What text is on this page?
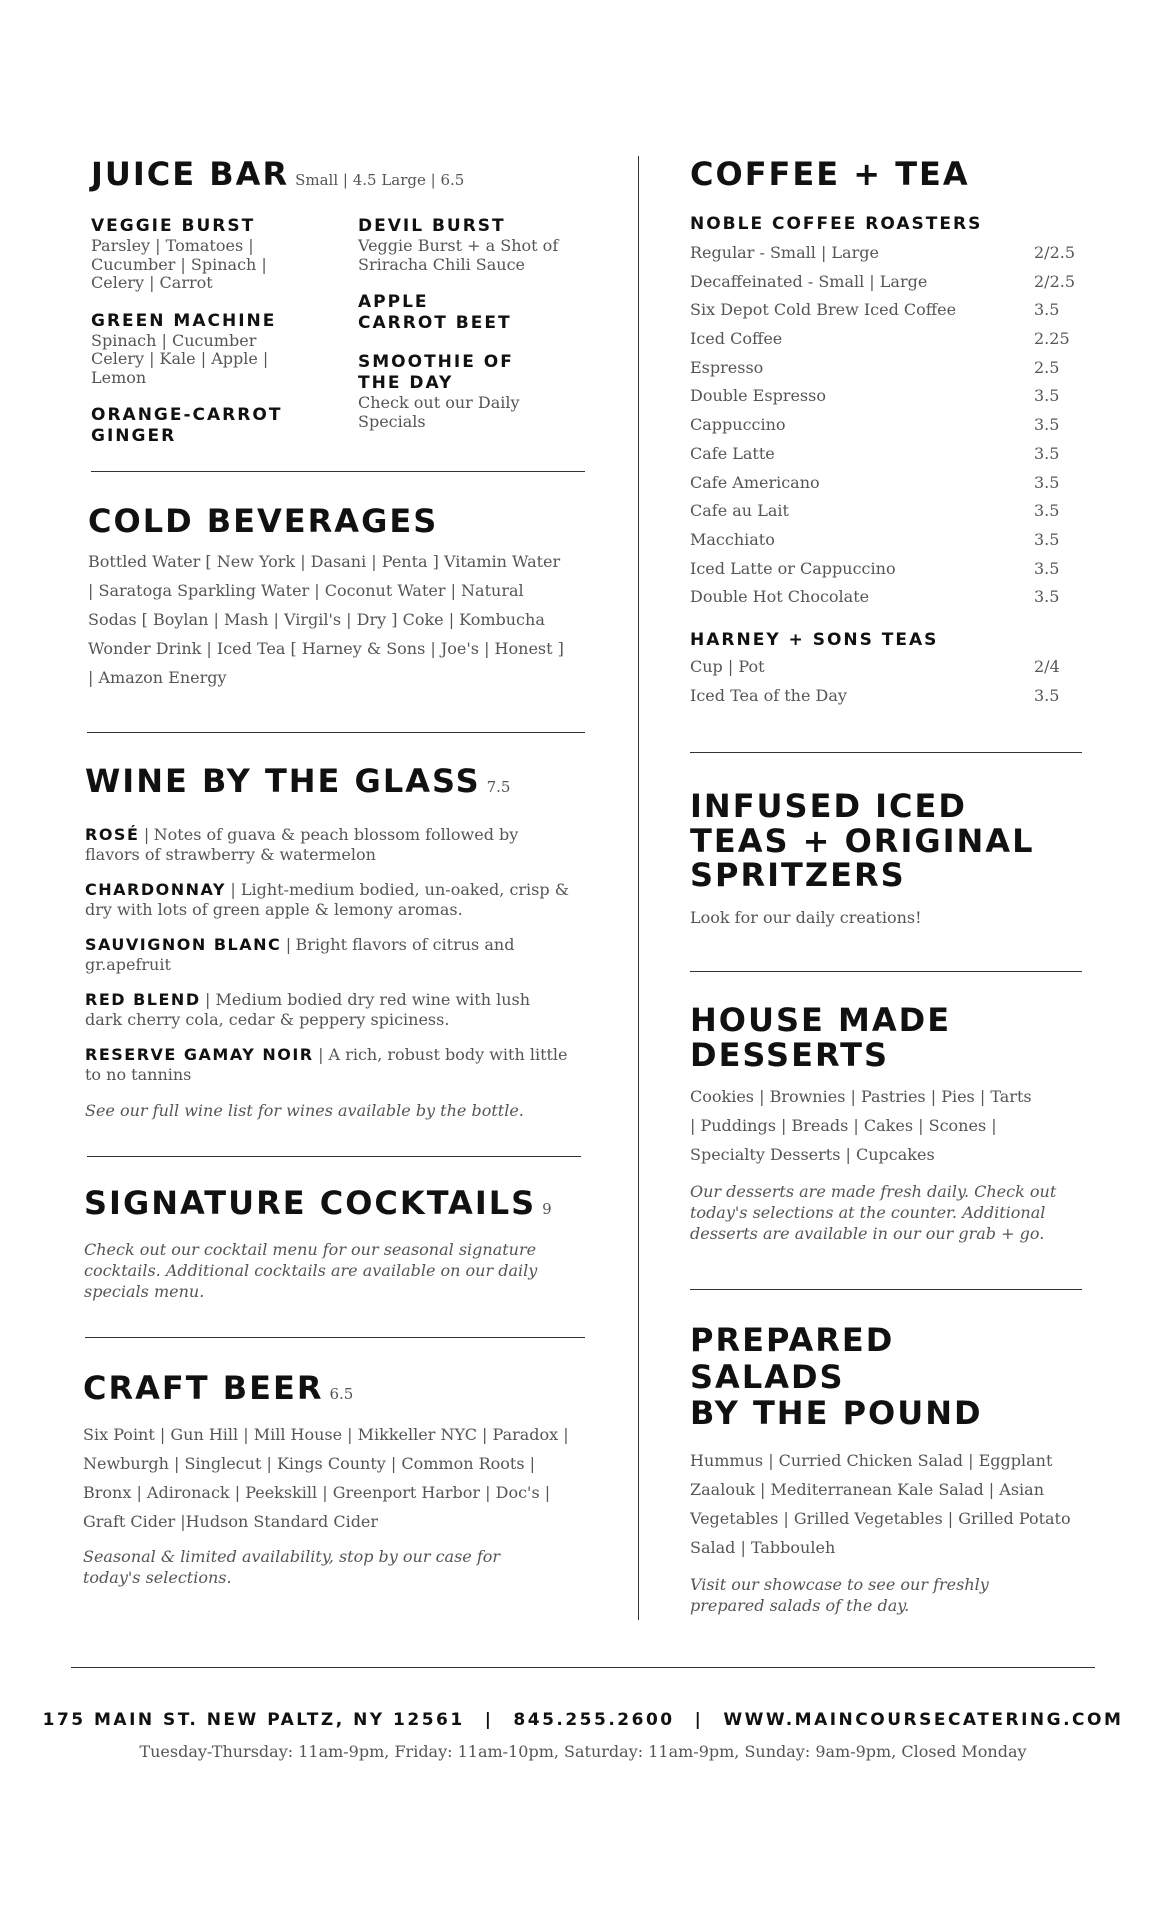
JUICE BAR Small | 4.5 Large | 6.5
VEGGIE BURST
Parsley | Tomatoes | Cucumber | Spinach | Celery | Carrot
GREEN MACHINE
Spinach | Cucumber Celery | Kale | Apple | Lemon
ORANGE-CARROT GINGER
DEVIL BURST
Veggie Burst + a Shot of Sriracha Chili Sauce
APPLE CARROT BEET
SMOOTHIE OF THE DAY
Check out our Daily Specials
COLD BEVERAGES
Bottled Water [ New York | Dasani | Penta ] Vitamin Water | Saratoga Sparkling Water | Coconut Water | Natural Sodas [ Boylan | Mash | Virgil's | Dry ] Coke | Kombucha Wonder Drink | Iced Tea [ Harney & Sons | Joe's | Honest ] | Amazon Energy
WINE BY THE GLASS 7.5

ROSÉ | Notes of guava & peach blossom followed by flavors of strawberry & watermelon

CHARDONNAY | Light-medium bodied, un-oaked, crisp & dry with lots of green apple & lemony aromas.

SAUVIGNON BLANC | Bright flavors of citrus and gr.apefruit

RED BLEND | Medium bodied dry red wine with lush dark cherry cola, cedar & peppery spiciness.

RESERVE GAMAY NOIR | A rich, robust body with little to no tannins

See our full wine list for wines available by the bottle.
SIGNATURE COCKTAILS 9
Check out our cocktail menu for our seasonal signature cocktails. Additional cocktails are available on our daily specials menu.
CRAFT BEER 6.5
Six Point | Gun Hill | Mill House | Mikkeller NYC | Paradox | Newburgh | Singlecut | Kings County | Common Roots | Bronx | Adironack | Peekskill | Greenport Harbor | Doc's | Graft Cider |Hudson Standard Cider
Seasonal & limited availability, stop by our case for today's selections.
COFFEE + TEA
NOBLE COFFEE ROASTERS
Regular - Small | Large	2/2.5
Decaffeinated - Small | Large	2/2.5
Six Depot Cold Brew Iced Coffee	3.5
Iced Coffee	2.25
Espresso	2.5
Double Espresso	3.5
Cappuccino	3.5
Cafe Latte	3.5
Cafe Americano	3.5
Cafe au Lait	3.5
Macchiato	3.5
Iced Latte or Cappuccino	3.5
Double Hot Chocolate	3.5
HARNEY + SONS TEAS
Cup | Pot	2/4
Iced Tea of the Day	3.5
INFUSED ICED
TEAS + ORIGINAL
SPRITZERS
Look for our daily creations!
HOUSE MADE
DESSERTS
Cookies | Brownies | Pastries | Pies | Tarts | Puddings | Breads | Cakes | Scones | Specialty Desserts | Cupcakes
Our desserts are made fresh daily. Check out today's selections at the counter. Additional desserts are available in our our grab + go.
PREPARED
SALADS
BY THE POUND
Hummus | Curried Chicken Salad | Eggplant Zaalouk | Mediterranean Kale Salad | Asian Vegetables | Grilled Vegetables | Grilled Potato Salad | Tabbouleh
Visit our showcase to see our freshly prepared salads of the day.
175 MAIN ST. NEW PALTZ, NY 12561 | 845.255.2600 | WWW.MAINCOURSECATERING.COM
Tuesday-Thursday: 11am-9pm, Friday: 11am-10pm, Saturday: 11am-9pm, Sunday: 9am-9pm, Closed Monday
